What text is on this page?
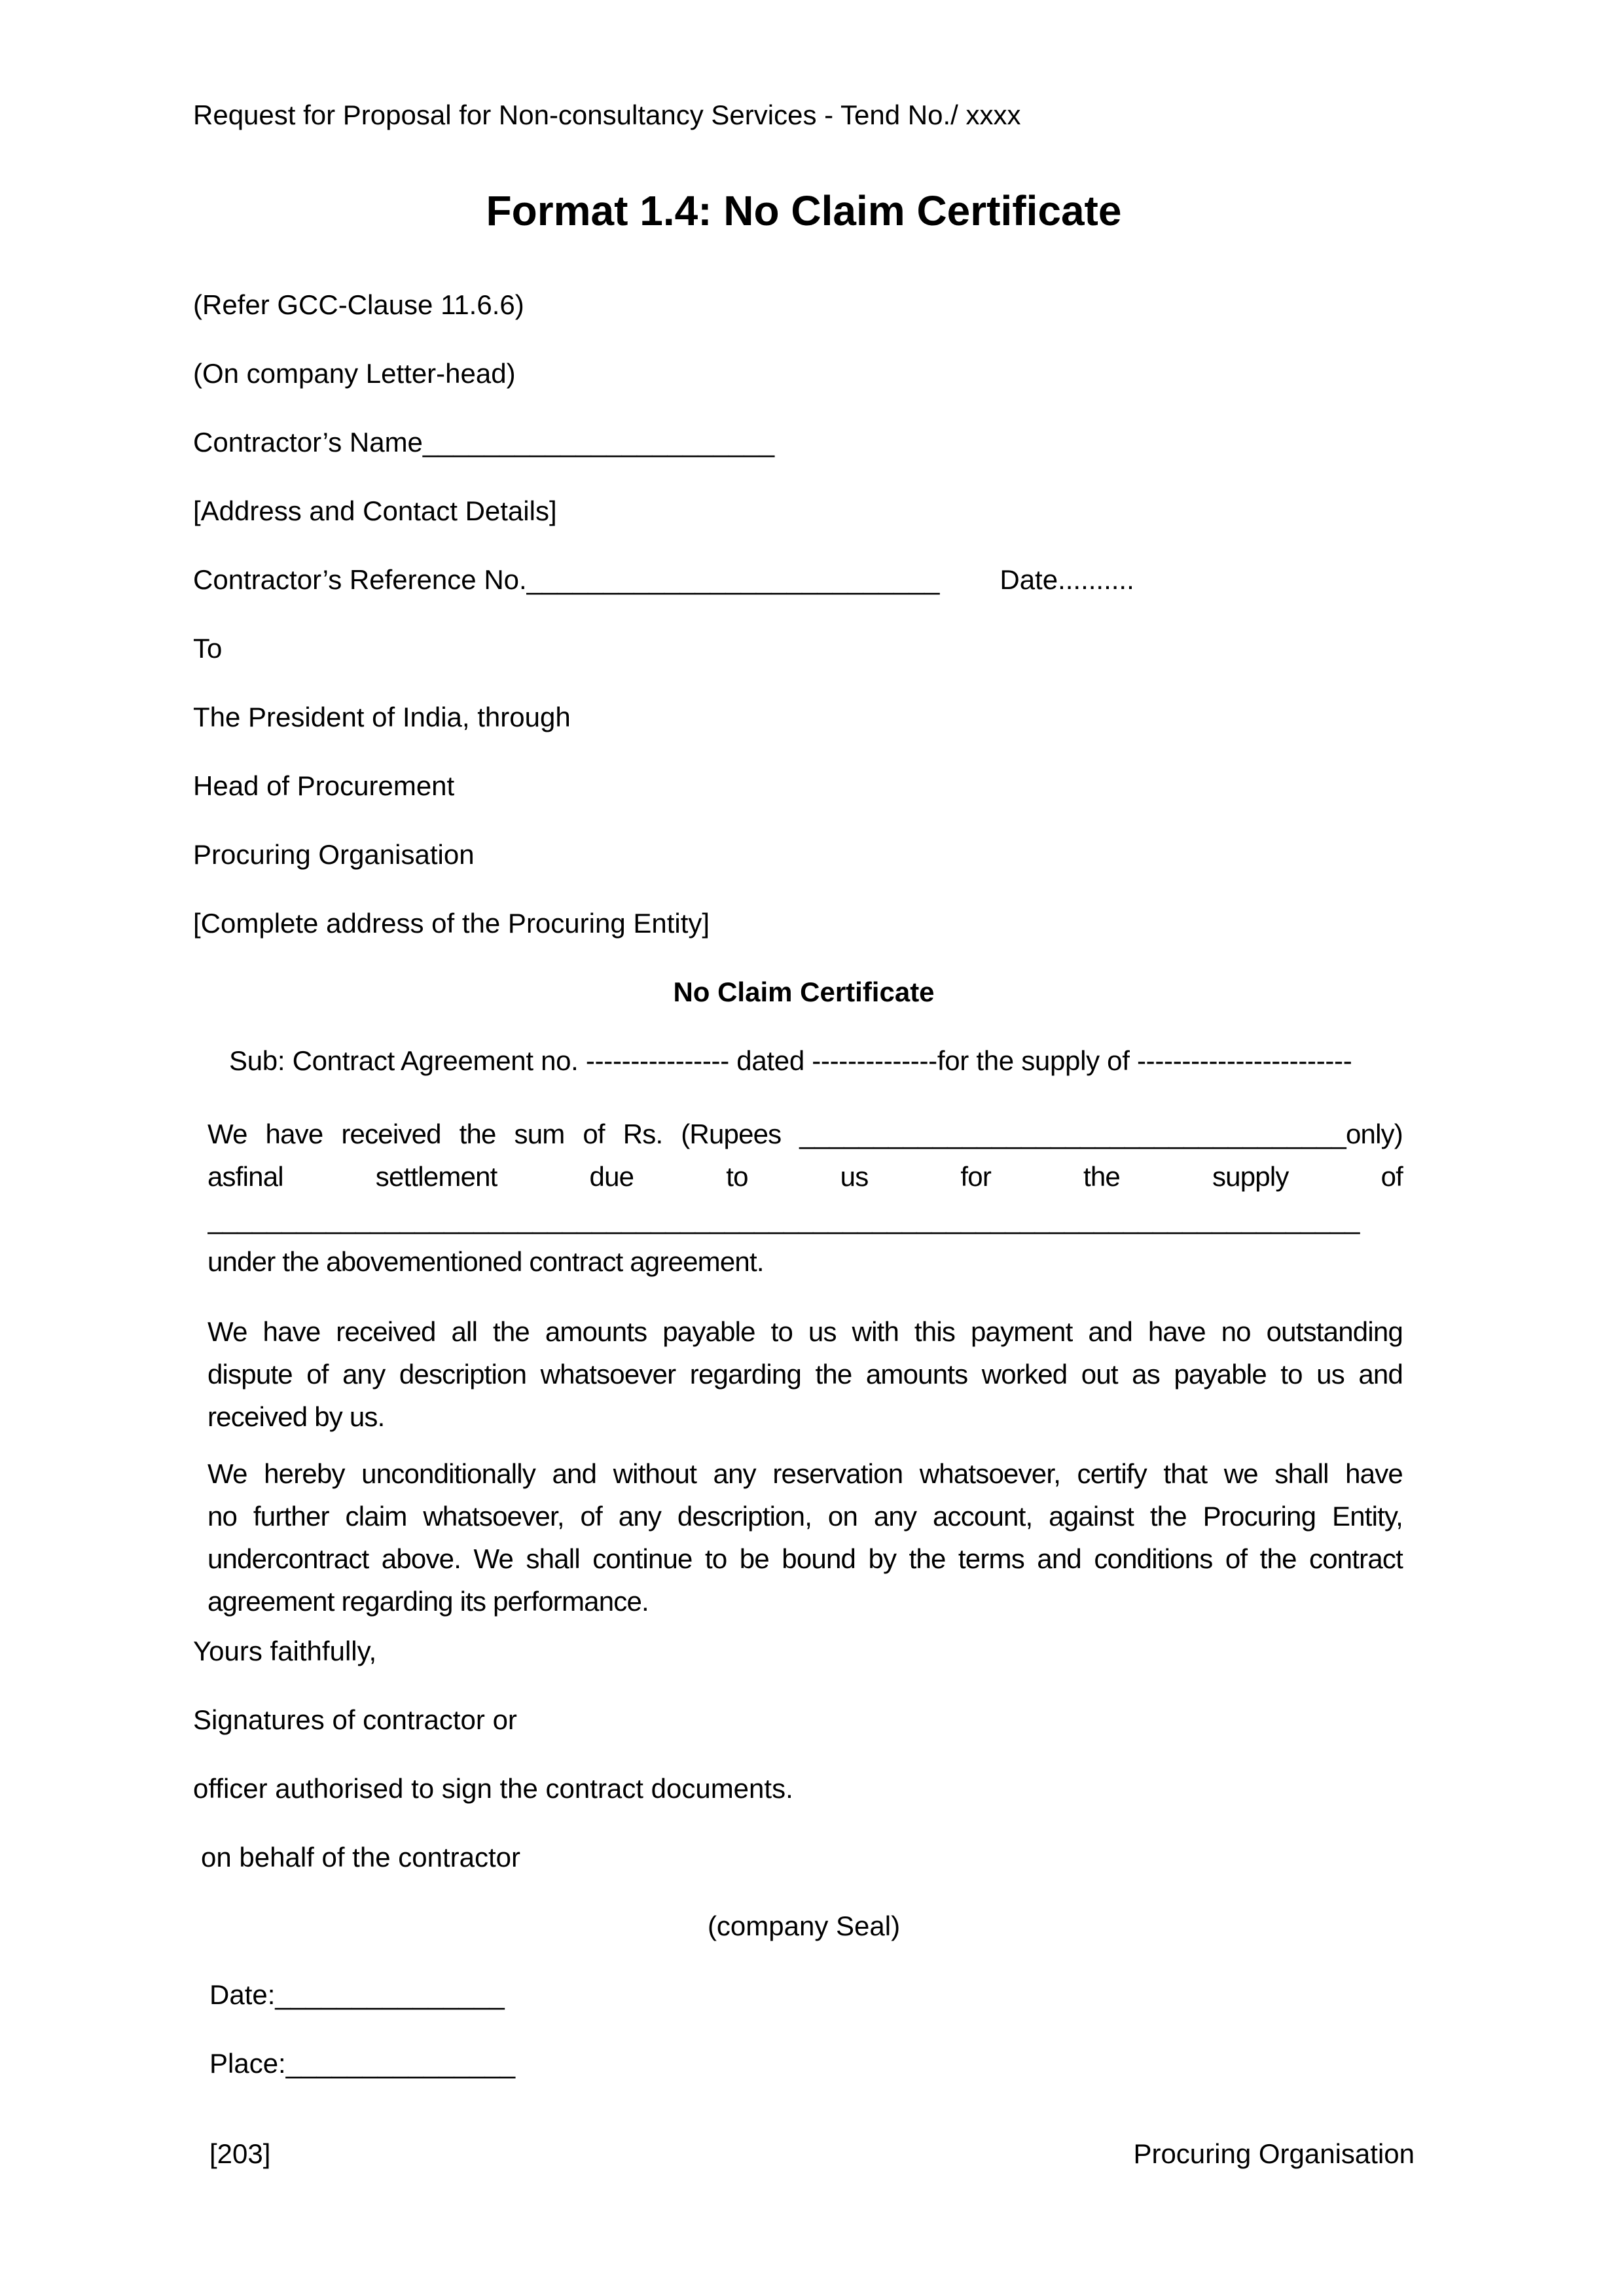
Request for Proposal for Non-consultancy Services - Tend No./ xxxx
Format 1.4: No Claim Certificate
(Refer GCC-Clause 11.6.6)
(On company Letter-head)
Contractor’s Name_______________________
[Address and Contact Details]
Contractor’s Reference No.___________________________ Date..........
To
The President of India, through
Head of Procurement
Procuring Organisation
[Complete address of the Procuring Entity]
No Claim Certificate
Sub: Contract Agreement no. ---------------- dated --------------for the supply of ------------------------
We have received the sum of Rs. (Rupees _____________________________________only)
asfinal settlement due to us for the supply of
______________________________________________________________________________
under the abovementioned contract agreement.
We have received all the amounts payable to us with this payment and have no outstanding
dispute of any description whatsoever regarding the amounts worked out as payable to us and
received by us.
We hereby unconditionally and without any reservation whatsoever, certify that we shall have
no further claim whatsoever, of any description, on any account, against the Procuring Entity,
undercontract above. We shall continue to be bound by the terms and conditions of the contract
agreement regarding its performance.
Yours faithfully,
Signatures of contractor or
officer authorised to sign the contract documents.
on behalf of the contractor
(company Seal)
Date:_______________
Place:_______________
[203]	Procuring Organisation
